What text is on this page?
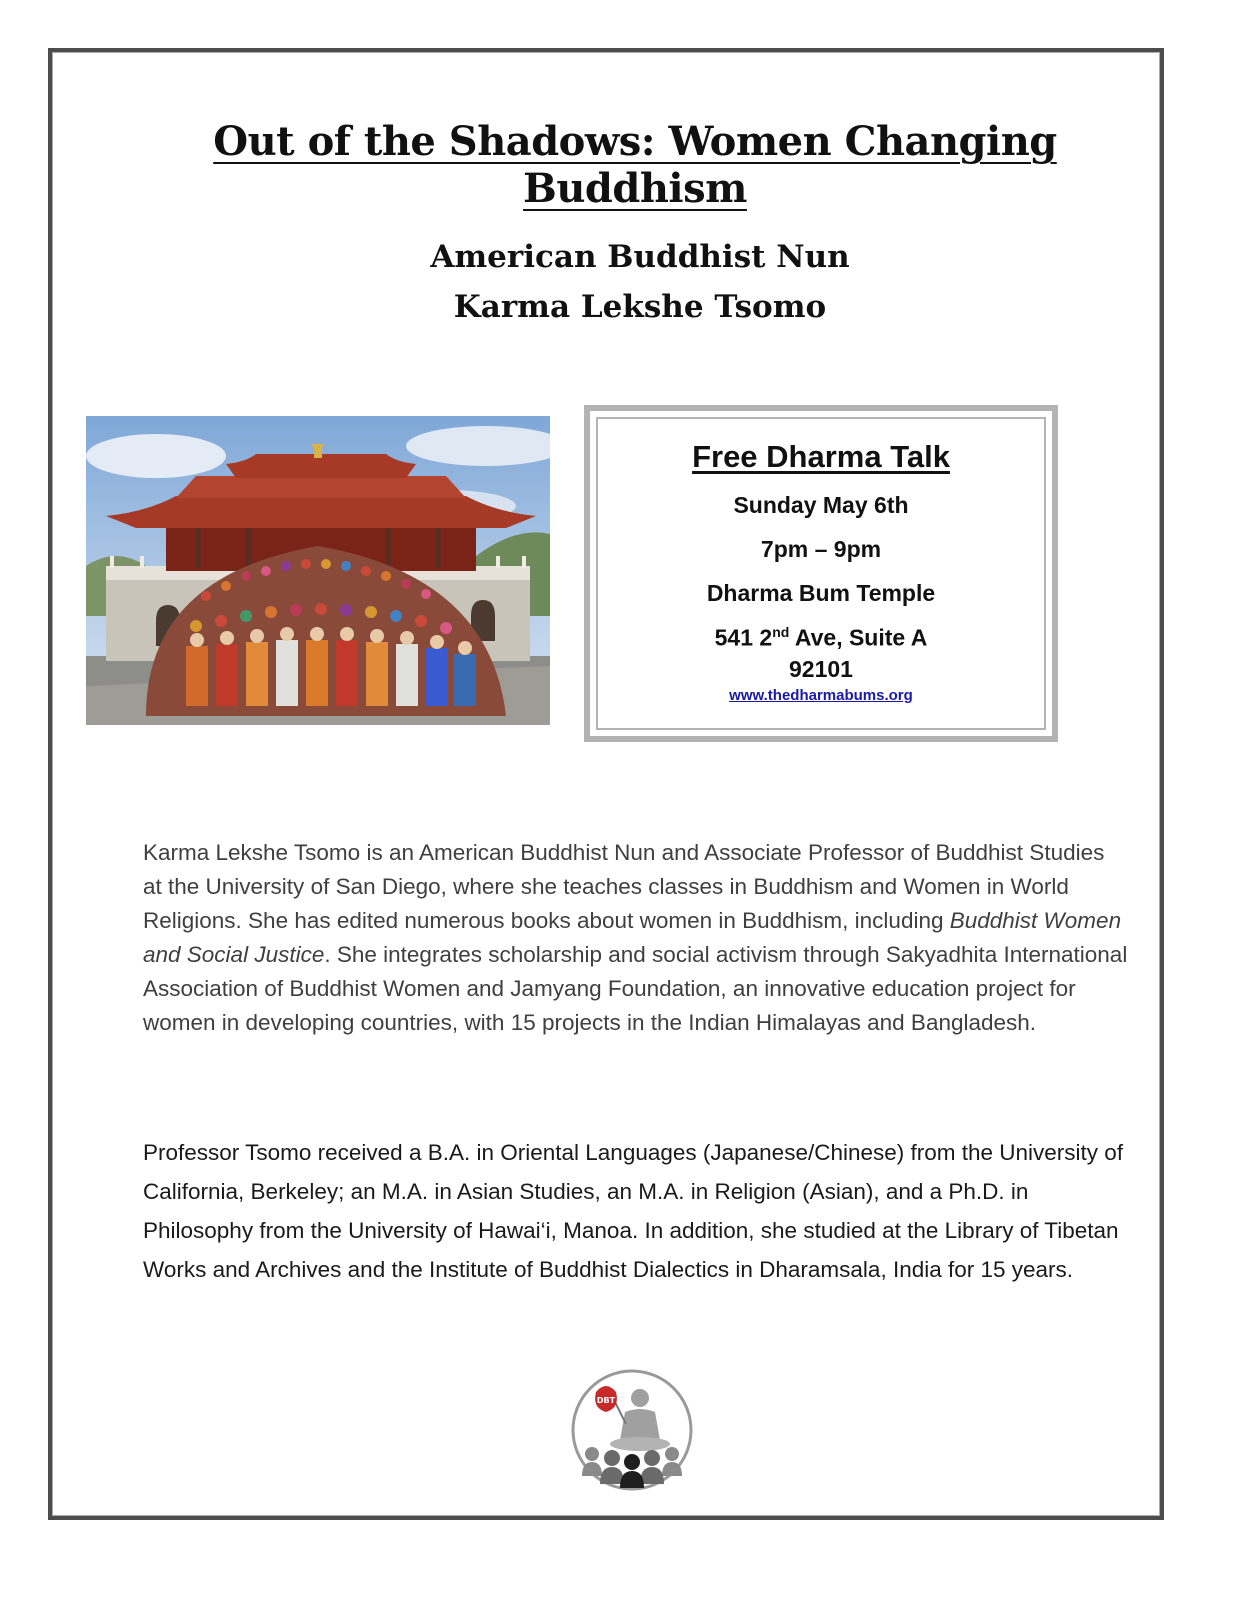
Out of the Shadows: Women Changing Buddhism
American Buddhist Nun
Karma Lekshe Tsomo
Free Dharma Talk
Sunday May 6th
7pm – 9pm
Dharma Bum Temple
541 2nd Ave, Suite A
92101
www.thedharmabums.org

Karma Lekshe Tsomo is an American Buddhist Nun and Associate Professor of Buddhist Studies at the University of San Diego, where she teaches classes in Buddhism and Women in World Religions. She has edited numerous books about women in Buddhism, including Buddhist Women and Social Justice. She integrates scholarship and social activism through Sakyadhita International Association of Buddhist Women and Jamyang Foundation, an innovative education project for women in developing countries, with 15 projects in the Indian Himalayas and Bangladesh.

Professor Tsomo received a B.A. in Oriental Languages (Japanese/Chinese) from the University of California, Berkeley; an M.A. in Asian Studies, an M.A. in Religion (Asian), and a Ph.D. in Philosophy from the University of Hawai‘i, Manoa. In addition, she studied at the Library of Tibetan Works and Archives and the Institute of Buddhist Dialectics in Dharamsala, India for 15 years.

DBT
